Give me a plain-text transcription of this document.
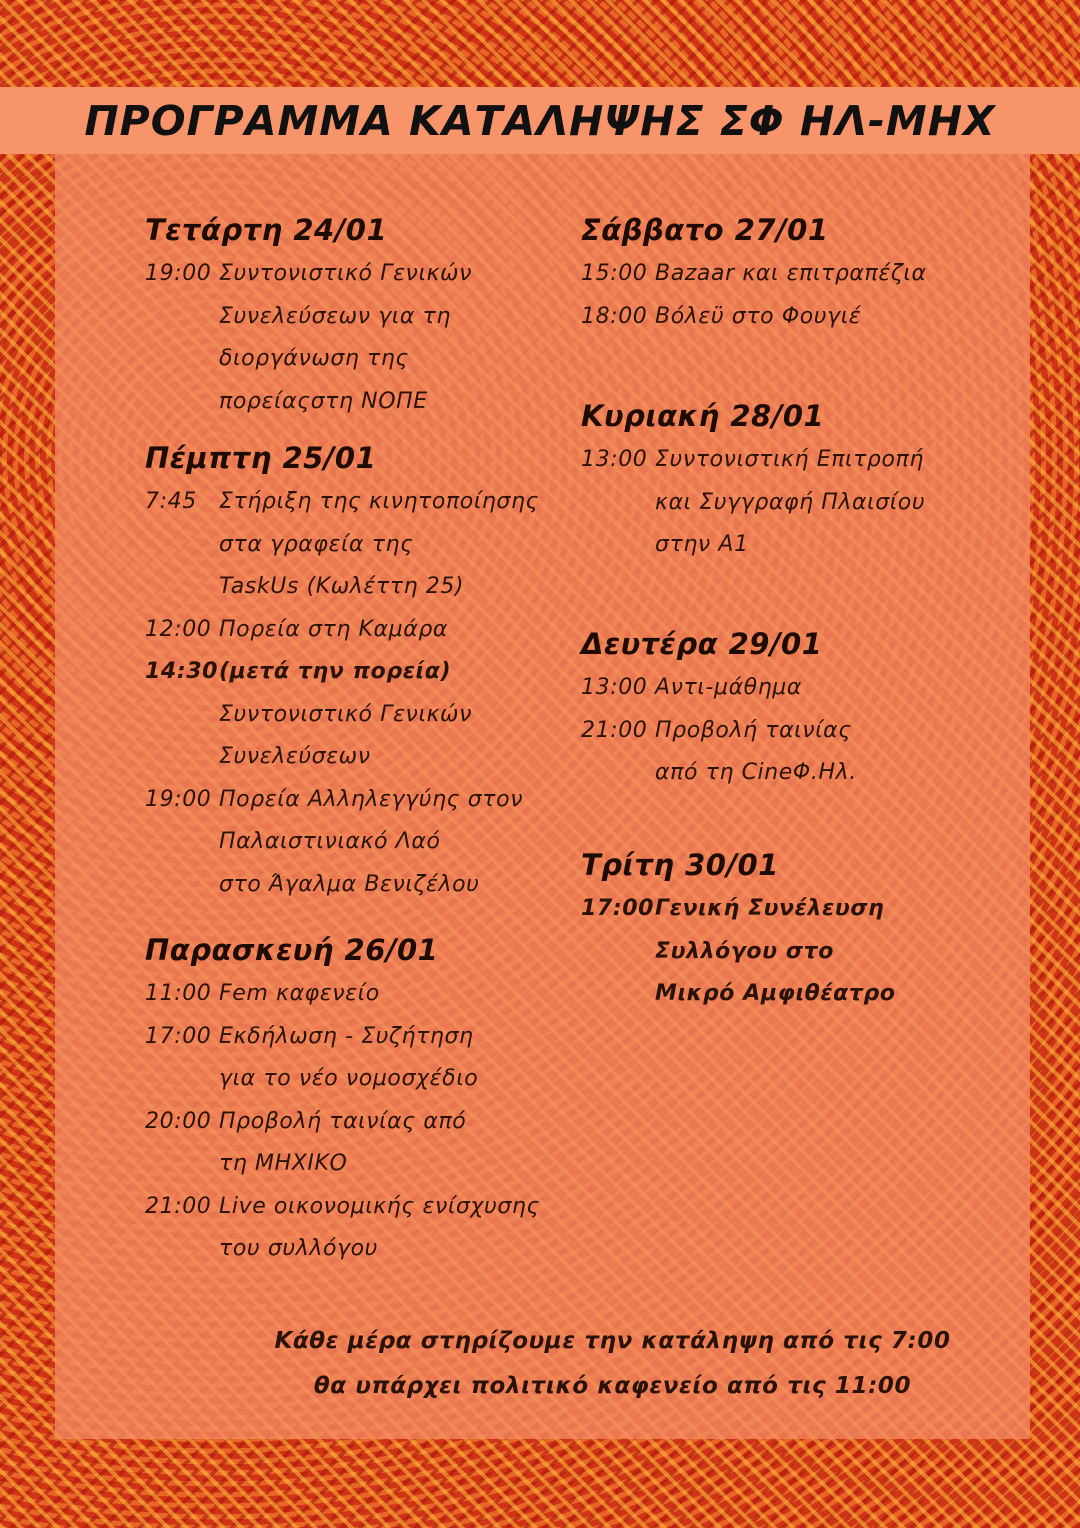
ΠΡΟΓΡΑΜΜΑ ΚΑΤΑΛΗΨΗΣ ΣΦ ΗΛ-ΜΗΧ
Τετάρτη 24/01
19:00 Συντονιστικό Γενικών
Συνελεύσεων για τη
διοργάνωση της
πορείαςστη ΝΟΠΕ
Πέμπτη 25/01
7:45	Στήριξη της κινητοποίησης
στα γραφεία της
TaskUs (Κωλέττη 25)
12:00 Πορεία στη Καμάρα
14:30 (μετά την πορεία)
Συντονιστικό Γενικών
Συνελεύσεων
19:00 Πορεία Αλληλεγγύης στον
Παλαιστινιακό Λαό
στο Άγαλμα Βενιζέλου
Παρασκευή 26/01
11:00 Fem καφενείο
17:00 Εκδήλωση - Συζήτηση
για το νέο νομοσχέδιο
20:00 Προβολή ταινίας από
τη ΜΗΧΙΚΟ
21:00 Live οικονομικής ενίσχυσης
του συλλόγου
Σάββατο 27/01
15:00 Bazaar και επιτραπέζια
18:00 Βόλεϋ στο Φουγιέ
Κυριακή 28/01
13:00 Συντονιστική Επιτροπή
και Συγγραφή Πλαισίου
στην Α1
Δευτέρα 29/01
13:00 Αντι-μάθημα
21:00 Προβολή ταινίας
από τη CineΦ.Ηλ.
Τρίτη 30/01
17:00 Γενική Συνέλευση
Συλλόγου στο
Μικρό Αμφιθέατρο
Κάθε μέρα στηρίζουμε την κατάληψη από τις 7:00
θα υπάρχει πολιτικό καφενείο από τις 11:00
